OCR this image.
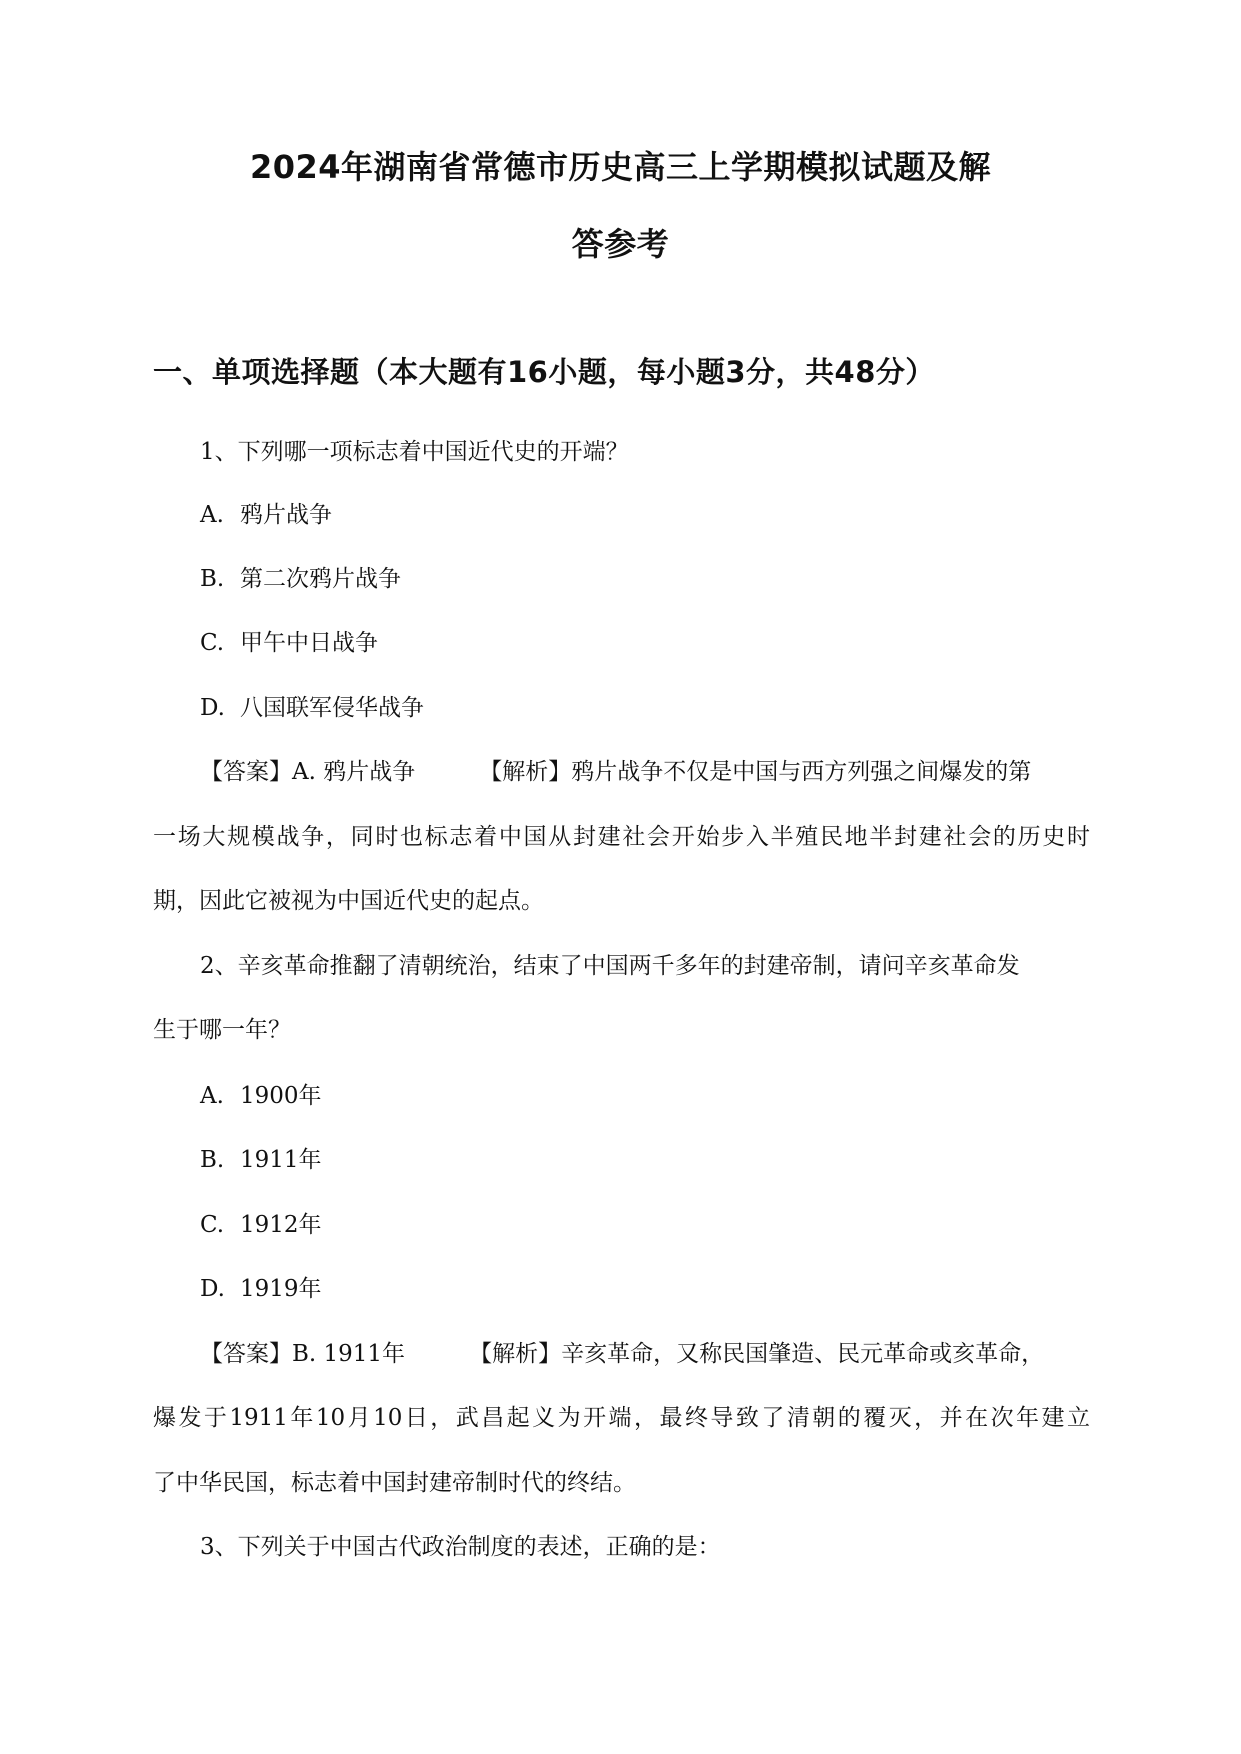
2024年湖南省常德市历史高三上学期模拟试题及解
答参考
一、单项选择题（本大题有16小题，每小题3分，共48分）
1、下列哪一项标志着中国近代史的开端？
A. 鸦片战争
B. 第二次鸦片战争
C. 甲午中日战争
D. 八国联军侵华战争
【答案】A. 鸦片战争	【解析】鸦片战争不仅是中国与西方列强之间爆发的第
一场大规模战争，同时也标志着中国从封建社会开始步入半殖民地半封建社会的历史时
期，因此它被视为中国近代史的起点。
2、辛亥革命推翻了清朝统治，结束了中国两千多年的封建帝制，请问辛亥革命发
生于哪一年？
A. 1900年
B. 1911年
C. 1912年
D. 1919年
【答案】B. 1911年	【解析】辛亥革命，又称民国肇造、民元革命或亥革命，
爆发于1911年10月10日，武昌起义为开端，最终导致了清朝的覆灭，并在次年建立
了中华民国，标志着中国封建帝制时代的终结。
3、下列关于中国古代政治制度的表述，正确的是：
